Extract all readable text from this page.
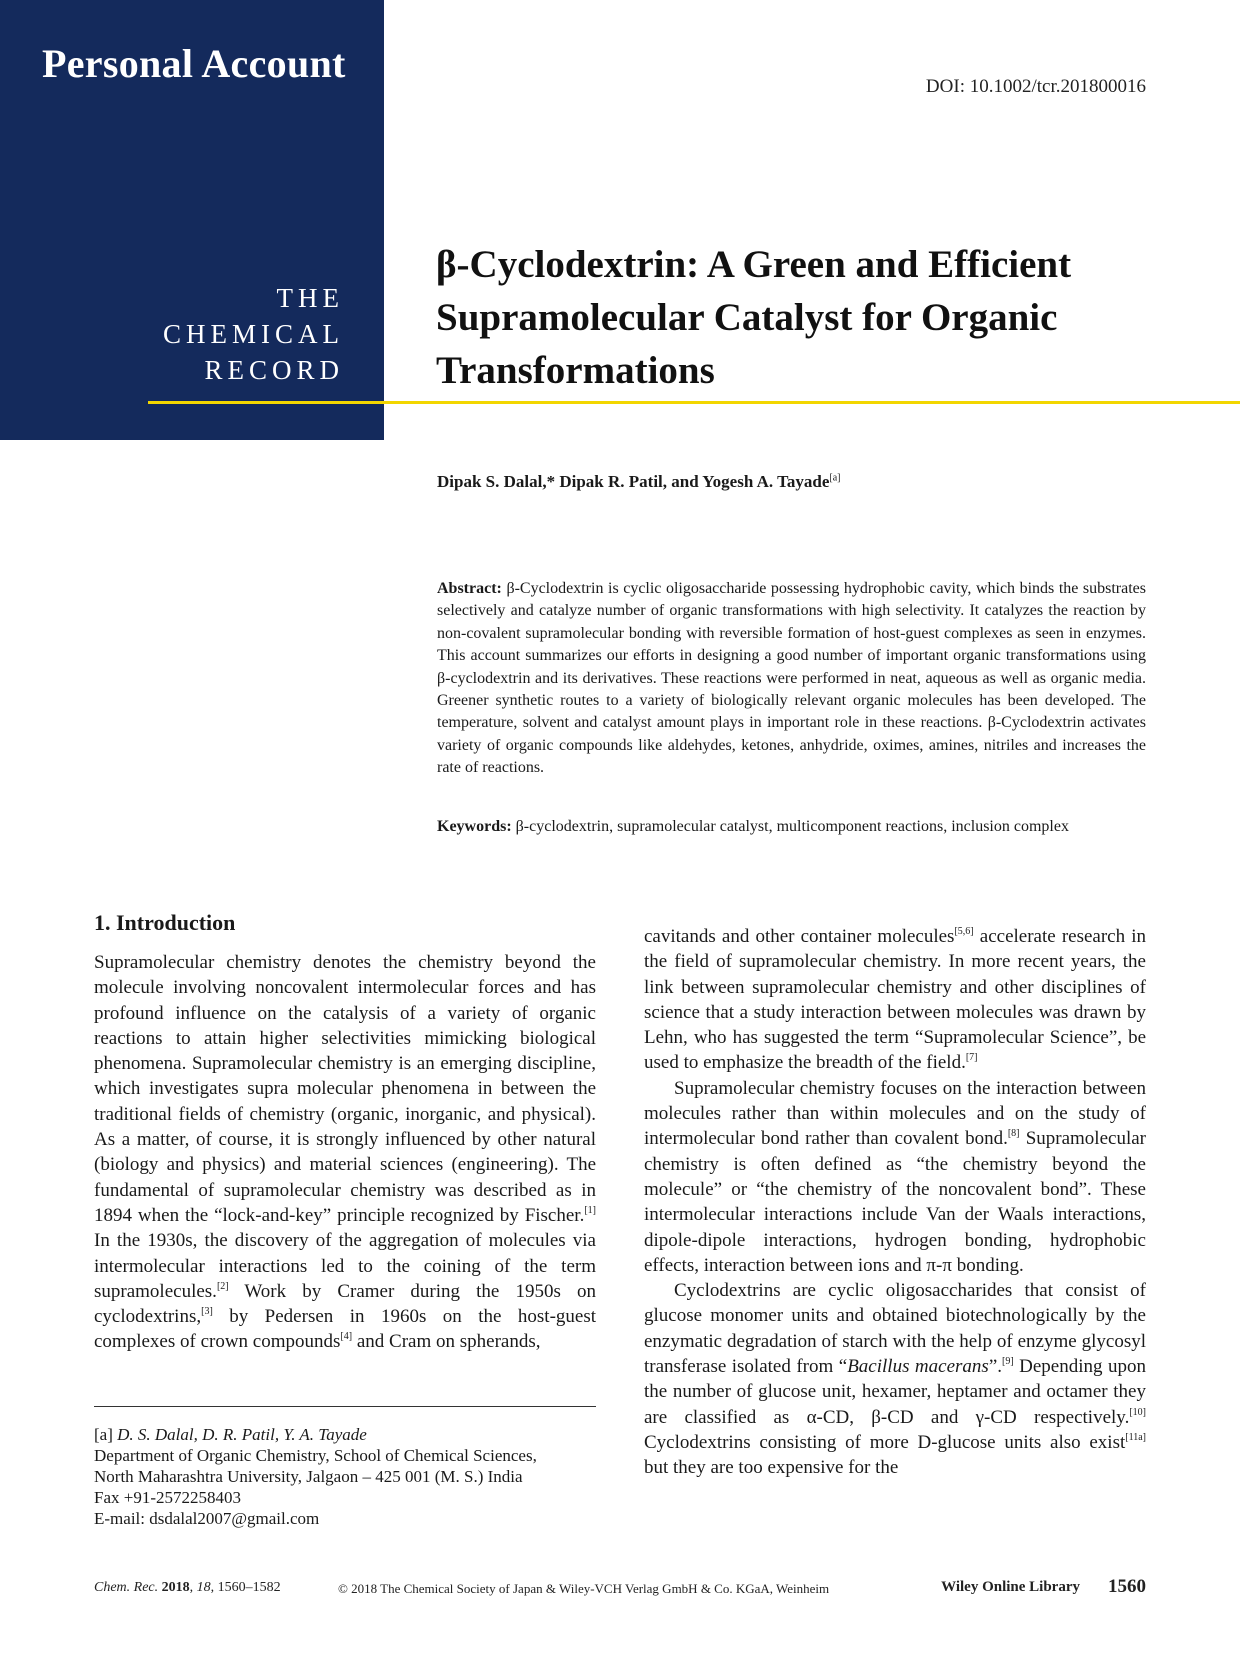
Personal Account
THE
CHEMICAL
RECORD
DOI: 10.1002/tcr.201800016
β-Cyclodextrin: A Green and Efficient Supramolecular Catalyst for Organic Transformations
Dipak S. Dalal,* Dipak R. Patil, and Yogesh A. Tayade[a]
Abstract: β-Cyclodextrin is cyclic oligosaccharide possessing hydrophobic cavity, which binds the substrates selectively and catalyze number of organic transformations with high selectivity. It catalyzes the reaction by non-covalent supramolecular bonding with reversible formation of host-guest complexes as seen in enzymes. This account summarizes our efforts in designing a good number of important organic transformations using β-cyclodextrin and its derivatives. These reactions were performed in neat, aqueous as well as organic media. Greener synthetic routes to a variety of biologically relevant organic molecules has been developed. The temperature, solvent and catalyst amount plays in important role in these reactions. β-Cyclodextrin activates variety of organic compounds like aldehydes, ketones, anhydride, oximes, amines, nitriles and increases the rate of reactions.
Keywords: β-cyclodextrin, supramolecular catalyst, multicomponent reactions, inclusion complex
1. Introduction

Supramolecular chemistry denotes the chemistry beyond the molecule involving noncovalent intermolecular forces and has profound influence on the catalysis of a variety of organic reactions to attain higher selectivities mimicking biological phenomena. Supramolecular chemistry is an emerging discipline, which investigates supra molecular phenomena in between the traditional fields of chemistry (organic, inorganic, and physical). As a matter, of course, it is strongly influenced by other natural (biology and physics) and material sciences (engineering). The fundamental of supramolecular chemistry was described as in 1894 when the “lock-and-key” principle recognized by Fischer.[1] In the 1930s, the discovery of the aggregation of molecules via intermolecular interactions led to the coining of the term supramolecules.[2] Work by Cramer during the 1950s on cyclodextrins,[3] by Pedersen in 1960s on the host-guest complexes of crown compounds[4] and Cram on spherands,

[a] D. S. Dalal, D. R. Patil, Y. A. Tayade
Department of Organic Chemistry, School of Chemical Sciences,
North Maharashtra University, Jalgaon – 425 001 (M. S.) India
Fax +91-2572258403
E-mail: dsdalal2007@gmail.com

cavitands and other container molecules[5,6] accelerate research in the field of supramolecular chemistry. In more recent years, the link between supramolecular chemistry and other disciplines of science that a study interaction between molecules was drawn by Lehn, who has suggested the term “Supramolecular Science”, be used to emphasize the breadth of the field.[7]

Supramolecular chemistry focuses on the interaction between molecules rather than within molecules and on the study of intermolecular bond rather than covalent bond.[8] Supramolecular chemistry is often defined as “the chemistry beyond the molecule” or “the chemistry of the noncovalent bond”. These intermolecular interactions include Van der Waals interactions, dipole-dipole interactions, hydrogen bonding, hydrophobic effects, interaction between ions and π-π bonding.

Cyclodextrins are cyclic oligosaccharides that consist of glucose monomer units and obtained biotechnologically by the enzymatic degradation of starch with the help of enzyme glycosyl transferase isolated from “Bacillus macerans”.[9] Depending upon the number of glucose unit, hexamer, heptamer and octamer they are classified as α-CD, β-CD and γ-CD respectively.[10] Cyclodextrins consisting of more D-glucose units also exist[11a] but they are too expensive for the

Chem. Rec. 2018, 18, 1560–1582	© 2018 The Chemical Society of Japan & Wiley-VCH Verlag GmbH & Co. KGaA, Weinheim	Wiley Online Library 1560
